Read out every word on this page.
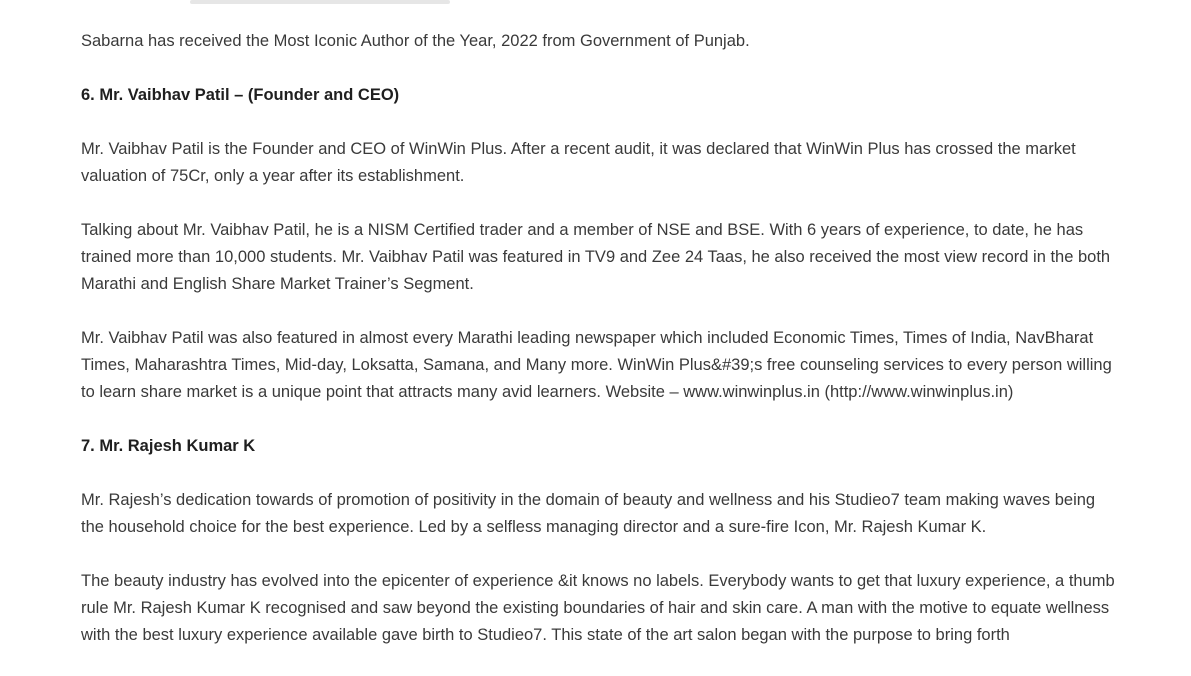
Sabarna has received the Most Iconic Author of the Year, 2022 from Government of Punjab.

6. Mr. Vaibhav Patil – (Founder and CEO)

Mr. Vaibhav Patil is the Founder and CEO of WinWin Plus. After a recent audit, it was declared that WinWin Plus has crossed the market valuation of 75Cr, only a year after its establishment.

Talking about Mr. Vaibhav Patil, he is a NISM Certified trader and a member of NSE and BSE. With 6 years of experience, to date, he has trained more than 10,000 students. Mr. Vaibhav Patil was featured in TV9 and Zee 24 Taas, he also received the most view record in the both Marathi and English Share Market Trainer’s Segment.

Mr. Vaibhav Patil was also featured in almost every Marathi leading newspaper which included Economic Times, Times of India, NavBharat Times, Maharashtra Times, Mid-day, Loksatta, Samana, and Many more. WinWin Plus&#39;s free counseling services to every person willing to learn share market is a unique point that attracts many avid learners. Website – www.winwinplus.in (http://www.winwinplus.in)

7. Mr. Rajesh Kumar K

Mr. Rajesh’s dedication towards of promotion of positivity in the domain of beauty and wellness and his Studieo7 team making waves being the household choice for the best experience. Led by a selfless managing director and a sure-fire Icon, Mr. Rajesh Kumar K.

The beauty industry has evolved into the epicenter of experience &it knows no labels. Everybody wants to get that luxury experience, a thumb rule Mr. Rajesh Kumar K recognised and saw beyond the existing boundaries of hair and skin care. A man with the motive to equate wellness with the best luxury experience available gave birth to Studieo7. This state of the art salon began with the purpose to bring forth
